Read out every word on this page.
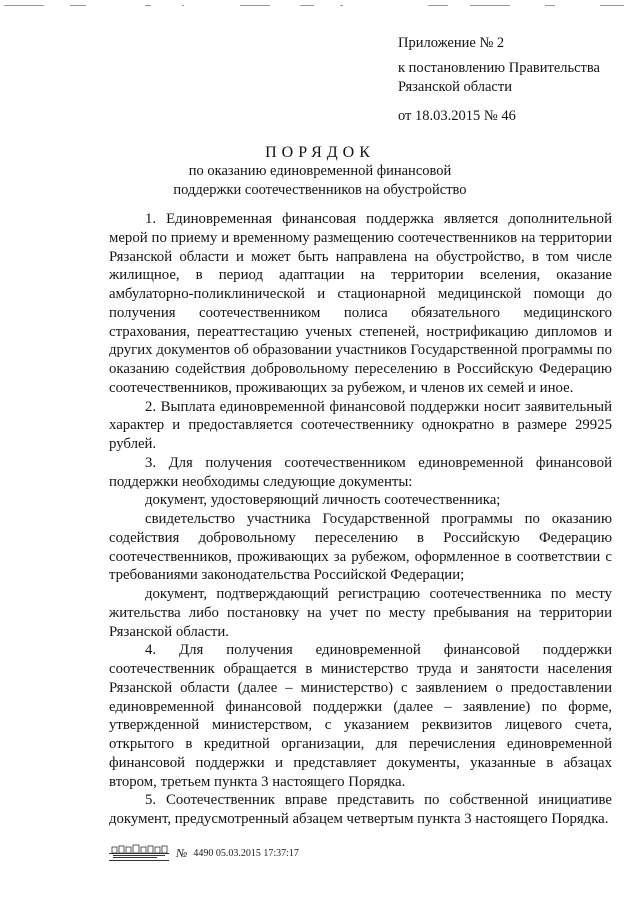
Приложение № 2
к постановлению Правительства
Рязанской области
от 18.03.2015 № 46
ПОРЯДОК
по оказанию единовременной финансовой
поддержки соотечественников на обустройство

1. Единовременная финансовая поддержка является дополнительной мерой по приему и временному размещению соотечественников на территории Рязанской области и может быть направлена на обустройство, в том числе жилищное, в период адаптации на территории вселения, оказание амбулаторно-поликлинической и стационарной медицинской помощи до получения соотечественником полиса обязательного медицинского страхования, переаттестацию ученых степеней, нострификацию дипломов и других документов об образовании участников Государственной программы по оказанию содействия добровольному переселению в Российскую Федерацию соотечественников, проживающих за рубежом, и членов их семей и иное.

2. Выплата единовременной финансовой поддержки носит заявительный характер и предоставляется соотечественнику однократно в размере 29925 рублей.

3. Для получения соотечественником единовременной финансовой поддержки необходимы следующие документы:

документ, удостоверяющий личность соотечественника;

свидетельство участника Государственной программы по оказанию содействия добровольному переселению в Российскую Федерацию соотечественников, проживающих за рубежом, оформленное в соответствии с требованиями законодательства Российской Федерации;

документ, подтверждающий регистрацию соотечественника по месту жительства либо постановку на учет по месту пребывания на территории Рязанской области.

4. Для получения единовременной финансовой поддержки соотечественник обращается в министерство труда и занятости населения Рязанской области (далее – министерство) с заявлением о предоставлении единовременной финансовой поддержки (далее – заявление) по форме, утвержденной министерством, с указанием реквизитов лицевого счета, открытого в кредитной организации, для перечисления единовременной финансовой поддержки и представляет документы, указанные в абзацах втором, третьем пункта 3 настоящего Порядка.

5. Соотечественник вправе представить по собственной инициативе документ, предусмотренный абзацем четвертым пункта 3 настоящего Порядка.

№ 4490 05.03.2015 17:37:17
